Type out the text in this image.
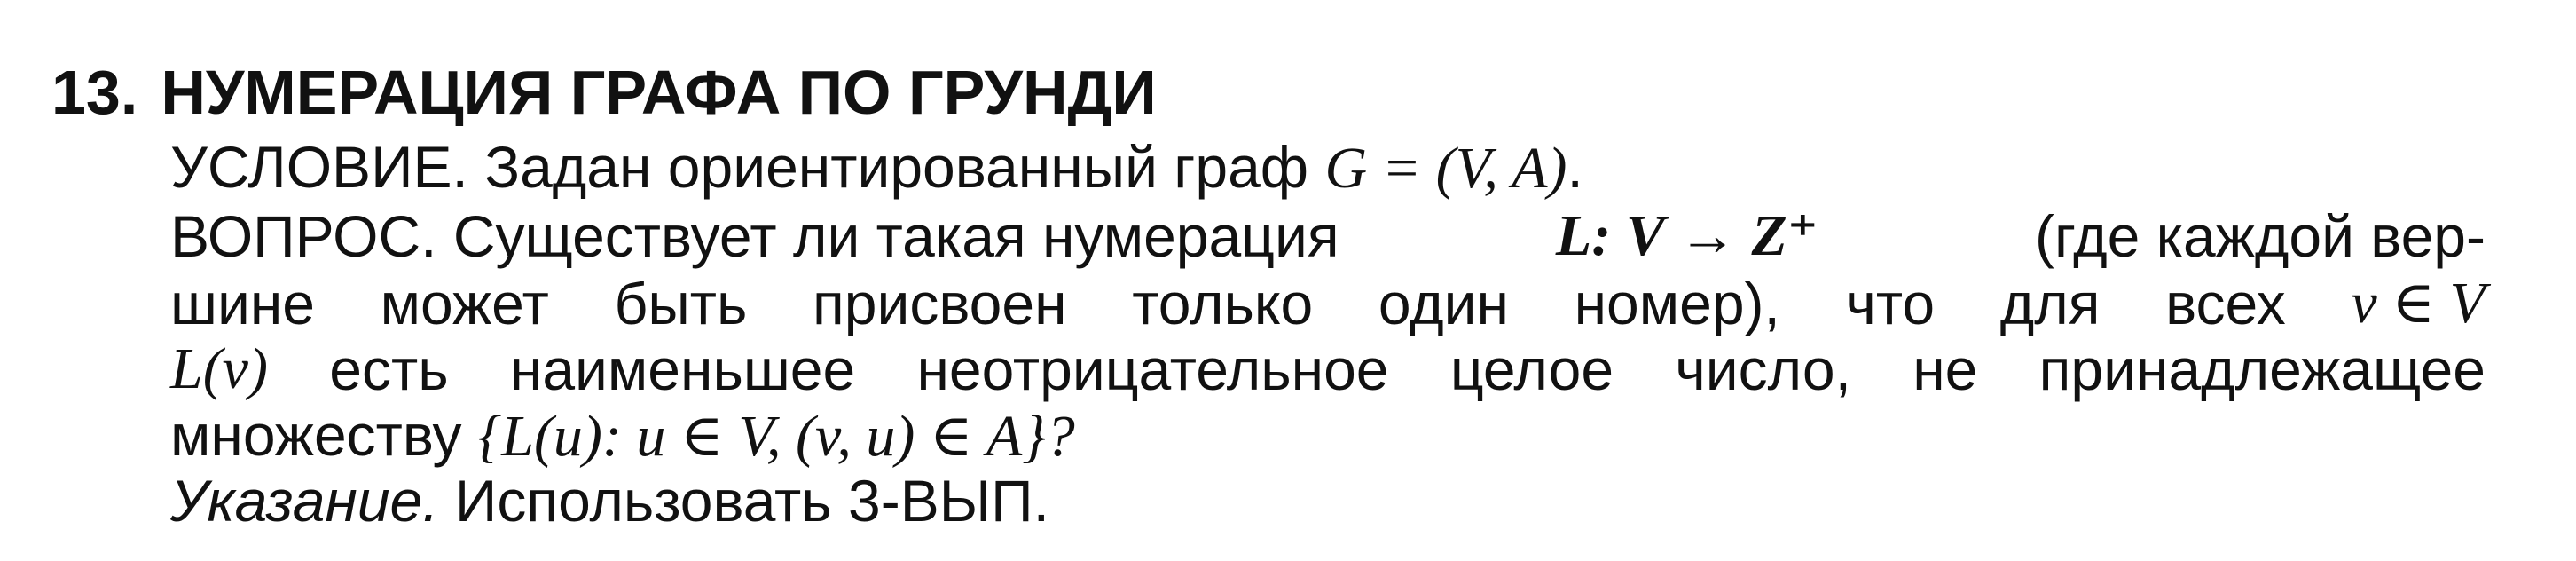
13. НУМЕРАЦИЯ ГРАФА ПО ГРУНДИ
УСЛОВИЕ. Задан ориентированный граф G = (V, A).
ВОПРОС. Существует ли такая нумерация	L: V → Z⁺	(где каждой вер-
шине может быть присвоен только один номер), что для всех v ∈ V
L(v) есть наименьшее неотрицательное целое число, не принадлежащее
множеству {L(u): u ∈ V, (v, u) ∈ A}?
Указание. Использовать 3-ВЫП.
